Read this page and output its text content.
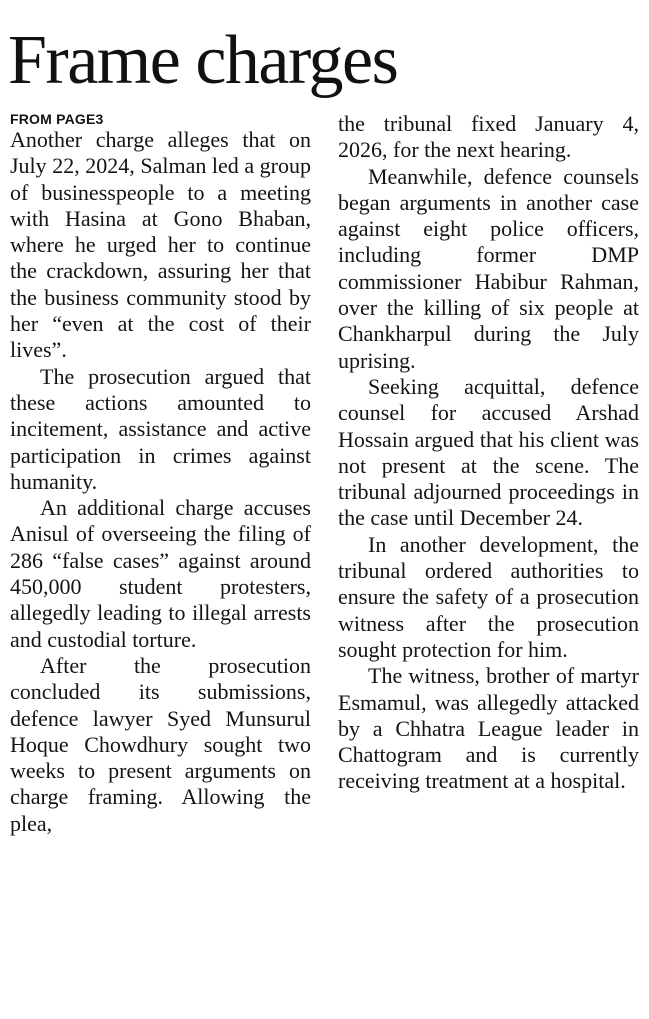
Frame charges
FROM PAGE3

Another charge alleges that on July 22, 2024, Salman led a group of businesspeople to a meeting with Hasina at Gono Bhaban, where he urged her to continue the crackdown, assuring her that the business community stood by her “even at the cost of their lives”.

The prosecution argued that these actions amounted to incitement, assistance and active participation in crimes against humanity.

An additional charge accuses Anisul of overseeing the filing of 286 “false cases” against around 450,000 student protesters, allegedly leading to illegal arrests and custodial torture.

After the prosecution concluded its submissions, defence lawyer Syed Munsurul Hoque Chowdhury sought two weeks to present arguments on charge framing. Allowing the plea,

the tribunal fixed January 4, 2026, for the next hearing.

Meanwhile, defence counsels began arguments in another case against eight police officers, including former DMP commissioner Habibur Rahman, over the killing of six people at Chankharpul during the July uprising.

Seeking acquittal, defence counsel for accused Arshad Hossain argued that his client was not present at the scene. The tribunal adjourned proceedings in the case until December 24.

In another development, the tribunal ordered authorities to ensure the safety of a prosecution witness after the prosecution sought protection for him.

The witness, brother of martyr Esmamul, was allegedly attacked by a Chhatra League leader in Chattogram and is currently receiving treatment at a hospital.
